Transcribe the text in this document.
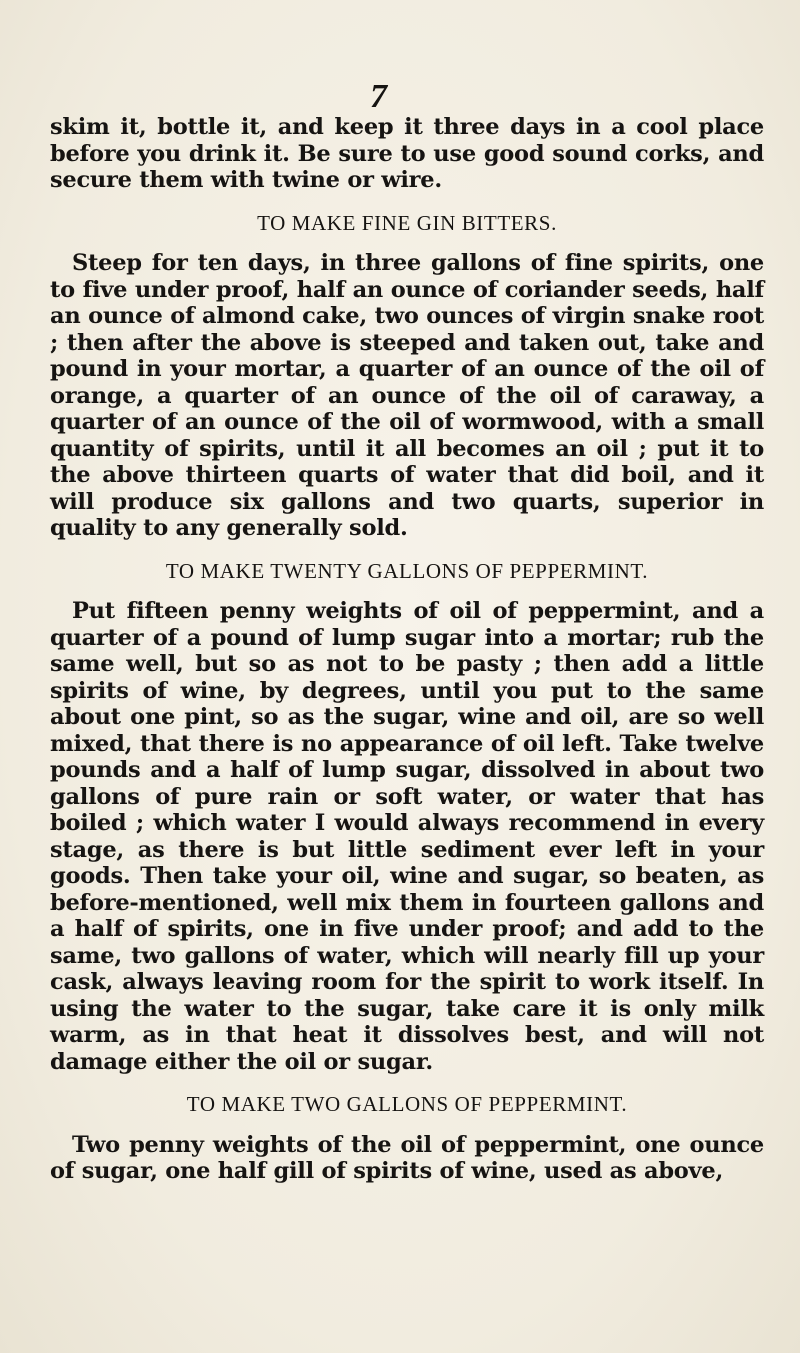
7

skim it, bottle it, and keep it three days in a cool place before you drink it. Be sure to use good sound corks, and secure them with twine or wire.

TO MAKE FINE GIN BITTERS.

Steep for ten days, in three gallons of fine spirits, one to five under proof, half an ounce of coriander seeds, half an ounce of almond cake, two ounces of virgin snake root ; then after the above is steeped and taken out, take and pound in your mortar, a quarter of an ounce of the oil of orange, a quarter of an ounce of the oil of caraway, a quarter of an ounce of the oil of wormwood, with a small quantity of spirits, until it all becomes an oil ; put it to the above thirteen quarts of water that did boil, and it will produce six gallons and two quarts, superior in quality to any generally sold.

TO MAKE TWENTY GALLONS OF PEPPERMINT.

Put fifteen penny weights of oil of peppermint, and a quarter of a pound of lump sugar into a mortar; rub the same well, but so as not to be pasty ; then add a little spirits of wine, by degrees, until you put to the same about one pint, so as the sugar, wine and oil, are so well mixed, that there is no appearance of oil left. Take twelve pounds and a half of lump sugar, dissolved in about two gallons of pure rain or soft water, or water that has boiled ; which water I would always recommend in every stage, as there is but little sediment ever left in your goods. Then take your oil, wine and sugar, so beaten, as before-mentioned, well mix them in fourteen gallons and a half of spirits, one in five under proof; and add to the same, two gallons of water, which will nearly fill up your cask, always leaving room for the spirit to work itself. In using the water to the sugar, take care it is only milk warm, as in that heat it dissolves best, and will not damage either the oil or sugar.

TO MAKE TWO GALLONS OF PEPPERMINT.

Two penny weights of the oil of peppermint, one ounce of sugar, one half gill of spirits of wine, used as above,
